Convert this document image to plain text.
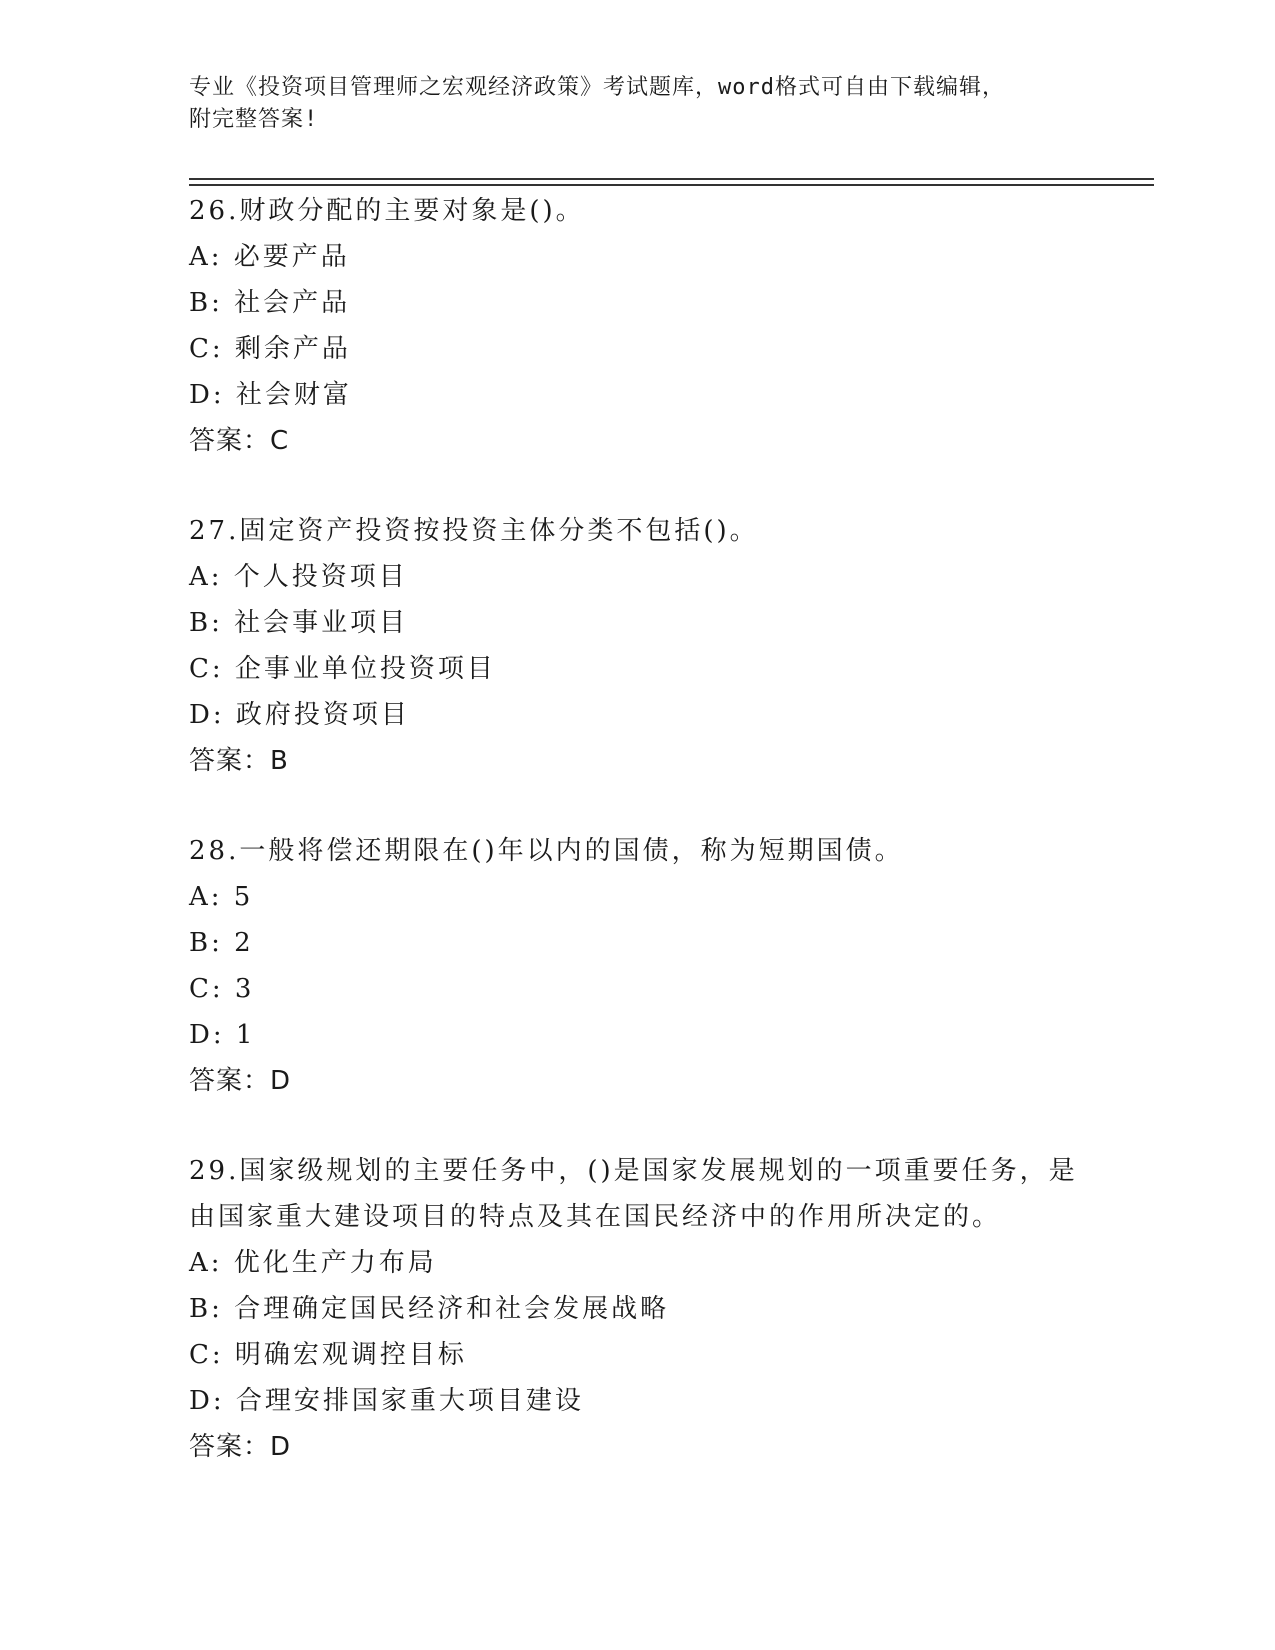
专业《投资项目管理师之宏观经济政策》考试题库，word格式可自由下载编辑，
附完整答案!
26.财政分配的主要对象是()。
A: 必要产品
B: 社会产品
C: 剩余产品
D: 社会财富
答案：C
27.固定资产投资按投资主体分类不包括()。
A: 个人投资项目
B: 社会事业项目
C: 企事业单位投资项目
D: 政府投资项目
答案：B
28.一般将偿还期限在()年以内的国债，称为短期国债。
A: 5
B: 2
C: 3
D: 1
答案：D
29.国家级规划的主要任务中，()是国家发展规划的一项重要任务，是
由国家重大建设项目的特点及其在国民经济中的作用所决定的。
A: 优化生产力布局
B: 合理确定国民经济和社会发展战略
C: 明确宏观调控目标
D: 合理安排国家重大项目建设
答案：D
